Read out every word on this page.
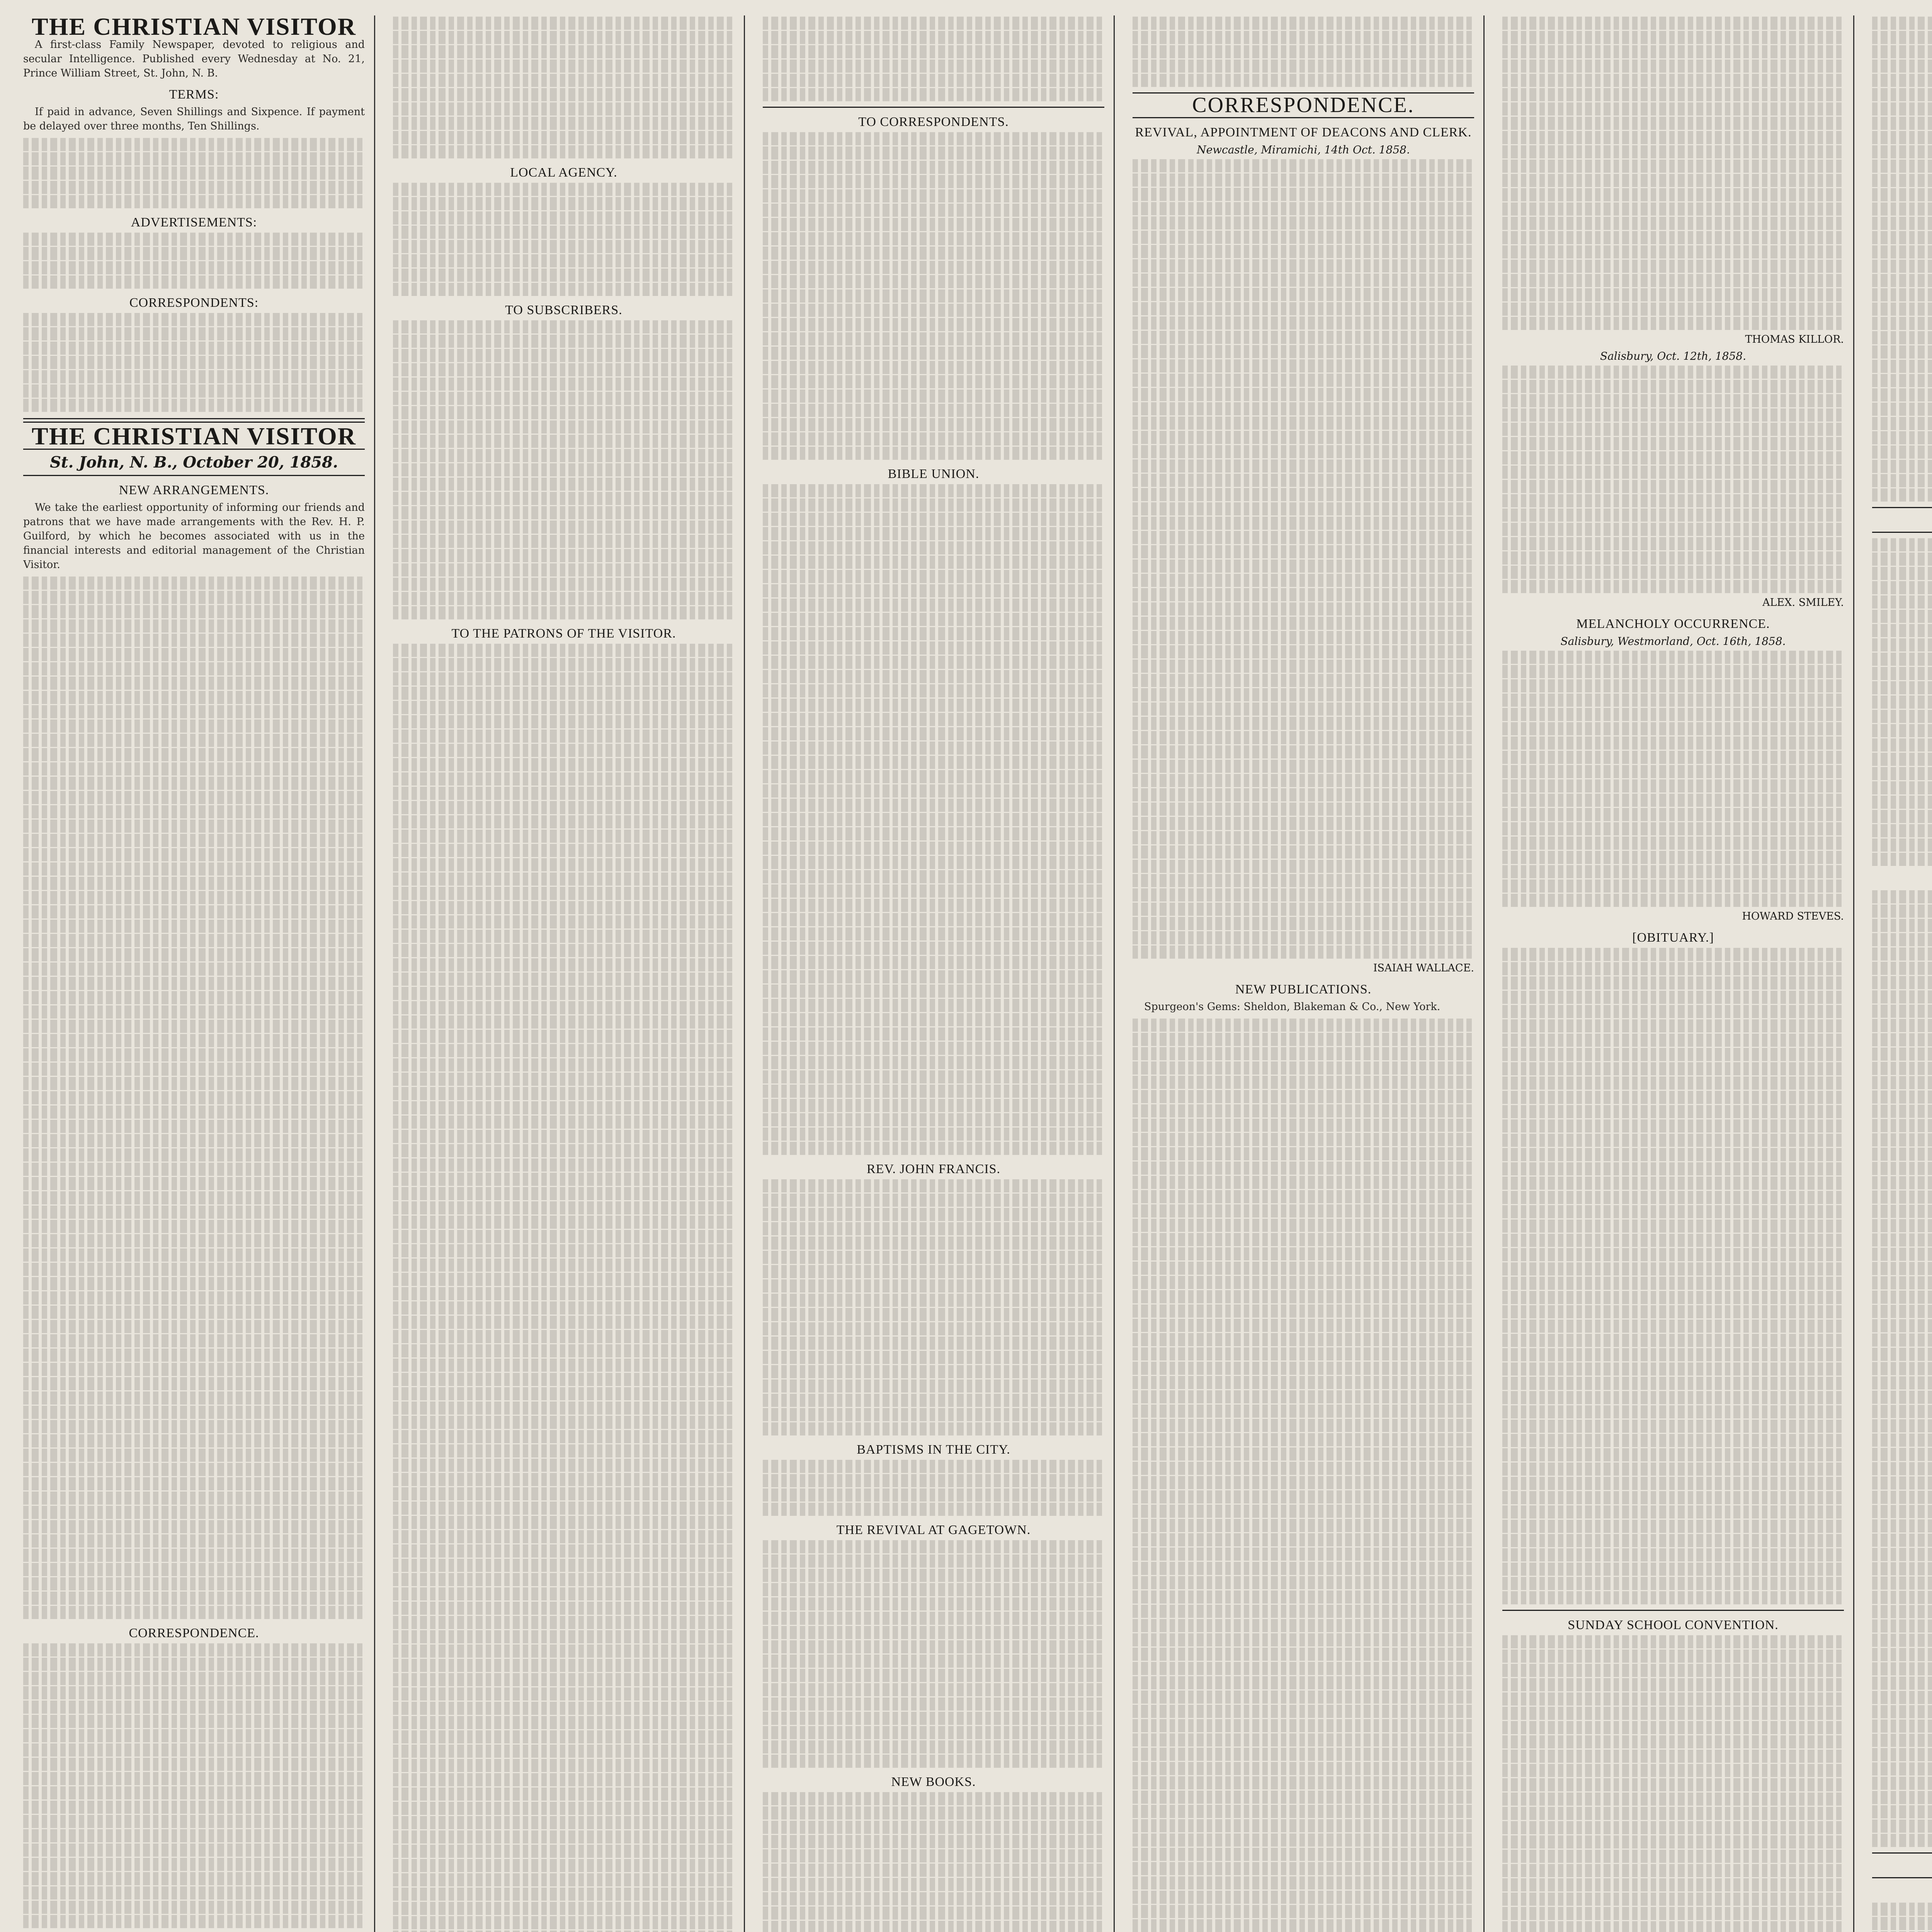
THE CHRISTIAN VISITOR

A first-class Family Newspaper, devoted to religious and secular Intelligence. Published every Wednesday at No. 21, Prince William Street, St. John, N. B.

TERMS:

If paid in advance, Seven Shillings and Sixpence. If payment be delayed over three months, Ten Shillings.

ADVERTISEMENTS:
CORRESPONDENTS:
THE CHRISTIAN VISITOR
St. John, N. B., October 20, 1858.
NEW ARRANGEMENTS.

We take the earliest opportunity of informing our friends and patrons that we have made arrangements with the Rev. H. P. Guilford, by which he becomes associated with us in the financial interests and editorial management of the Christian Visitor.

CORRESPONDENCE.
LOCAL AGENCY.
TO SUBSCRIBERS.
TO THE PATRONS OF THE VISITOR.
TO CORRESPONDENTS.
BIBLE UNION.
REV. JOHN FRANCIS.
BAPTISMS IN THE CITY.
THE REVIVAL AT GAGETOWN.
NEW BOOKS.
CORRESPONDENCE.
REVIVAL, APPOINTMENT OF DEACONS AND CLERK.
Newcastle, Miramichi, 14th Oct. 1858.
ISAIAH WALLACE.
NEW PUBLICATIONS.

Spurgeon's Gems: Sheldon, Blakeman & Co., New York.

THOMAS KILLOR.
Salisbury, Oct. 12th, 1858.
ALEX. SMILEY.
MELANCHOLY OCCURRENCE.
Salisbury, Westmorland, Oct. 16th, 1858.
HOWARD STEVES.
[OBITUARY.]
SUNDAY SCHOOL CONVENTION.
